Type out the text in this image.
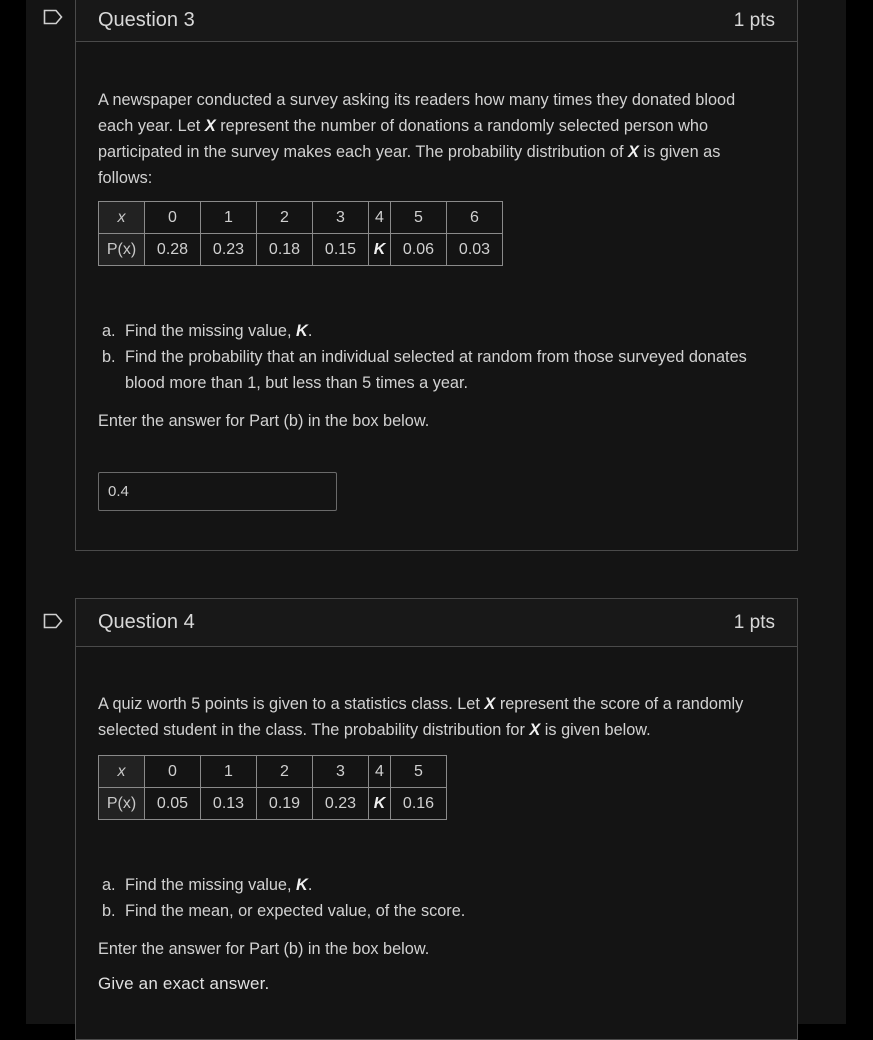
Question 3	1 pts

A newspaper conducted a survey asking its readers how many times they donated blood
each year. Let X represent the number of donations a randomly selected person who
participated in the survey makes each year. The probability distribution of X is given as
follows:

x	0	1	2	3	4	5	6
P(x)	0.28	0.23	0.18	0.15	K	0.06	0.03
a. Find the missing value, K.
b. Find the probability that an individual selected at random from those surveyed donates
blood more than 1, but less than 5 times a year.

Enter the answer for Part (b) in the box below.

0.4
Question 4	1 pts

A quiz worth 5 points is given to a statistics class. Let X represent the score of a randomly
selected student in the class. The probability distribution for X is given below.

x	0	1	2	3	4	5
P(x)	0.05	0.13	0.19	0.23	K	0.16
a. Find the missing value, K.
b. Find the mean, or expected value, of the score.

Enter the answer for Part (b) in the box below.

Give an exact answer.
